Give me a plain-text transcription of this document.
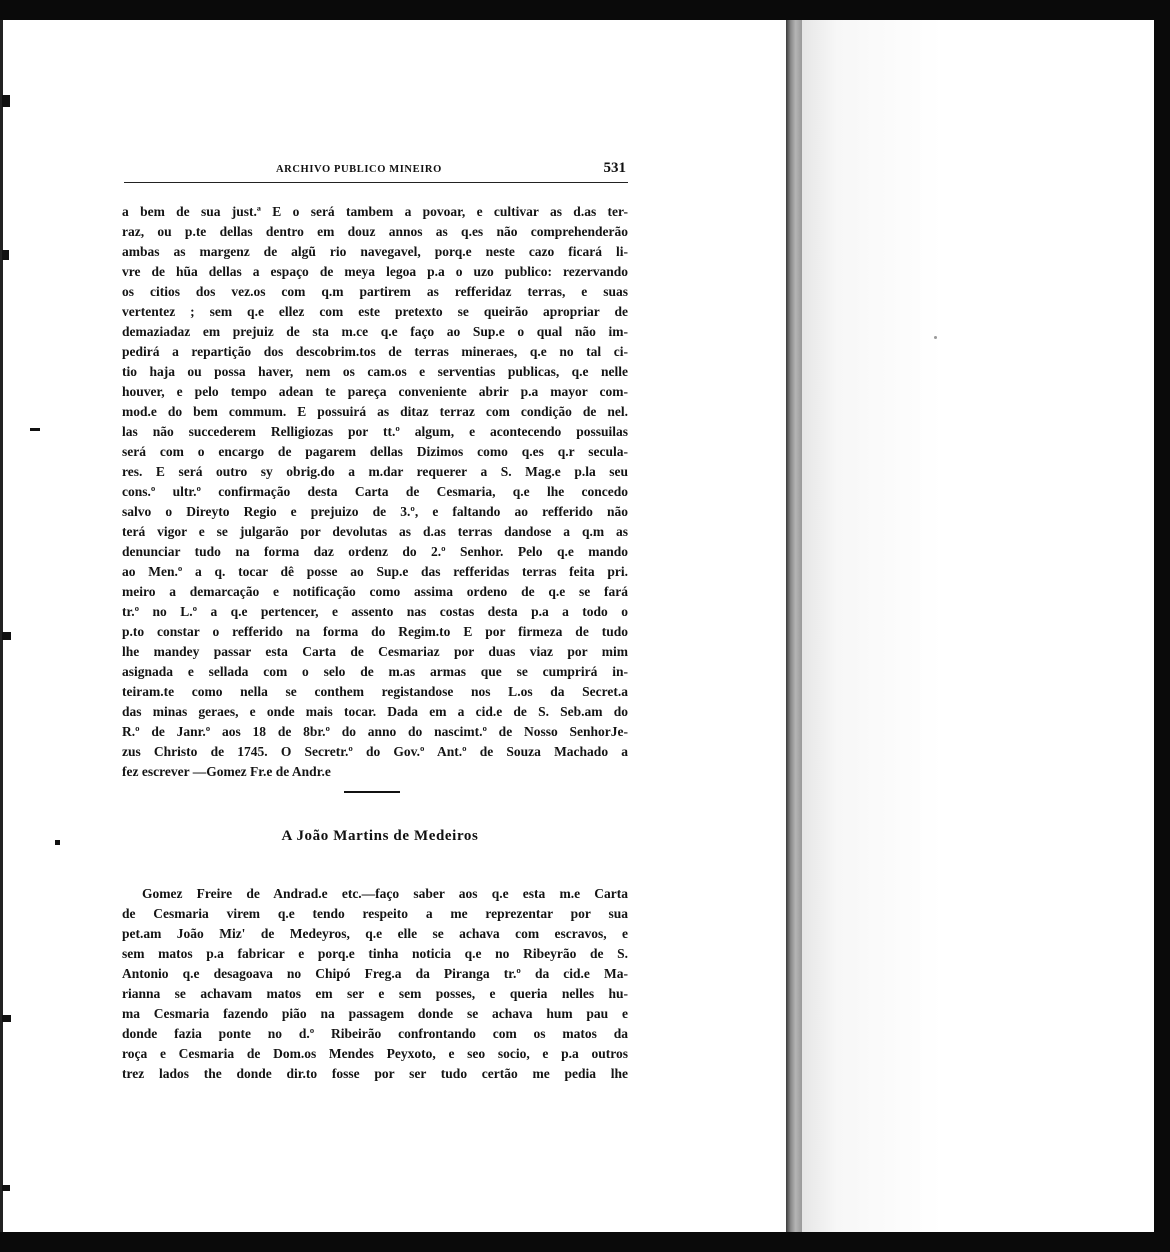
ARCHIVO PUBLICO MINEIRO	531
a bem de sua just.ª E o será tambem a povoar, e cultivar as d.as ter-
raz, ou p.te dellas dentro em douz annos as q.es não comprehenderão
ambas as margenz de algũ rio navegavel, porq.e neste cazo ficará li-
vre de hũa dellas a espaço de meya legoa p.a o uzo publico: rezervando
os citios dos vez.os com q.m partirem as refferidaz terras, e suas
vertentez ; sem q.e ellez com este pretexto se queirão apropriar de
demaziadaz em prejuiz de sta m.ce q.e faço ao Sup.e o qual não im-
pedirá a repartição dos descobrim.tos de terras mineraes, q.e no tal ci-
tio haja ou possa haver, nem os cam.os e serventias publicas, q.e nelle
houver, e pelo tempo adean te pareça conveniente abrir p.a mayor com-
mod.e do bem commum. E possuirá as ditaz terraz com condição de nel.
las não succederem Relligiozas por tt.º algum, e acontecendo possuilas
será com o encargo de pagarem dellas Dizimos como q.es q.r secula-
res. E será outro sy obrig.do a m.dar requerer a S. Mag.e p.la seu
cons.º ultr.º confirmação desta Carta de Cesmaria, q.e lhe concedo
salvo o Direyto Regio e prejuizo de 3.º, e faltando ao refferido não
terá vigor e se julgarão por devolutas as d.as terras dandose a q.m as
denunciar tudo na forma daz ordenz do 2.º Senhor. Pelo q.e mando
ao Men.º a q. tocar dê posse ao Sup.e das refferidas terras feita pri.
meiro a demarcação e notificação como assima ordeno de q.e se fará
tr.º no L.º a q.e pertencer, e assento nas costas desta p.a a todo o
p.to constar o refferido na forma do Regim.to E por firmeza de tudo
lhe mandey passar esta Carta de Cesmariaz por duas viaz por mim
asignada e sellada com o selo de m.as armas que se cumprirá in-
teiram.te como nella se conthem registandose nos L.os da Secret.a
das minas geraes, e onde mais tocar. Dada em a cid.e de S. Seb.am do
R.º de Janr.º aos 18 de 8br.º do anno do nascimt.º de Nosso SenhorJe-
zus Christo de 1745. O Secretr.º do Gov.º Ant.º de Souza Machado a
fez escrever —Gomez Fr.e de Andr.e
A João Martins de Medeiros
Gomez Freire de Andrad.e etc.—faço saber aos q.e esta m.e Carta
de Cesmaria virem q.e tendo respeito a me reprezentar por sua
pet.am João Miz' de Medeyros, q.e elle se achava com escravos, e
sem matos p.a fabricar e porq.e tinha noticia q.e no Ribeyrão de S.
Antonio q.e desagoava no Chipó Freg.a da Piranga tr.º da cid.e Ma-
rianna se achavam matos em ser e sem posses, e queria nelles hu-
ma Cesmaria fazendo pião na passagem donde se achava hum pau e
donde fazia ponte no d.º Ribeirão confrontando com os matos da
roça e Cesmaria de Dom.os Mendes Peyxoto, e seo socio, e p.a outros
trez lados the donde dir.to fosse por ser tudo certão me pedia lhe
